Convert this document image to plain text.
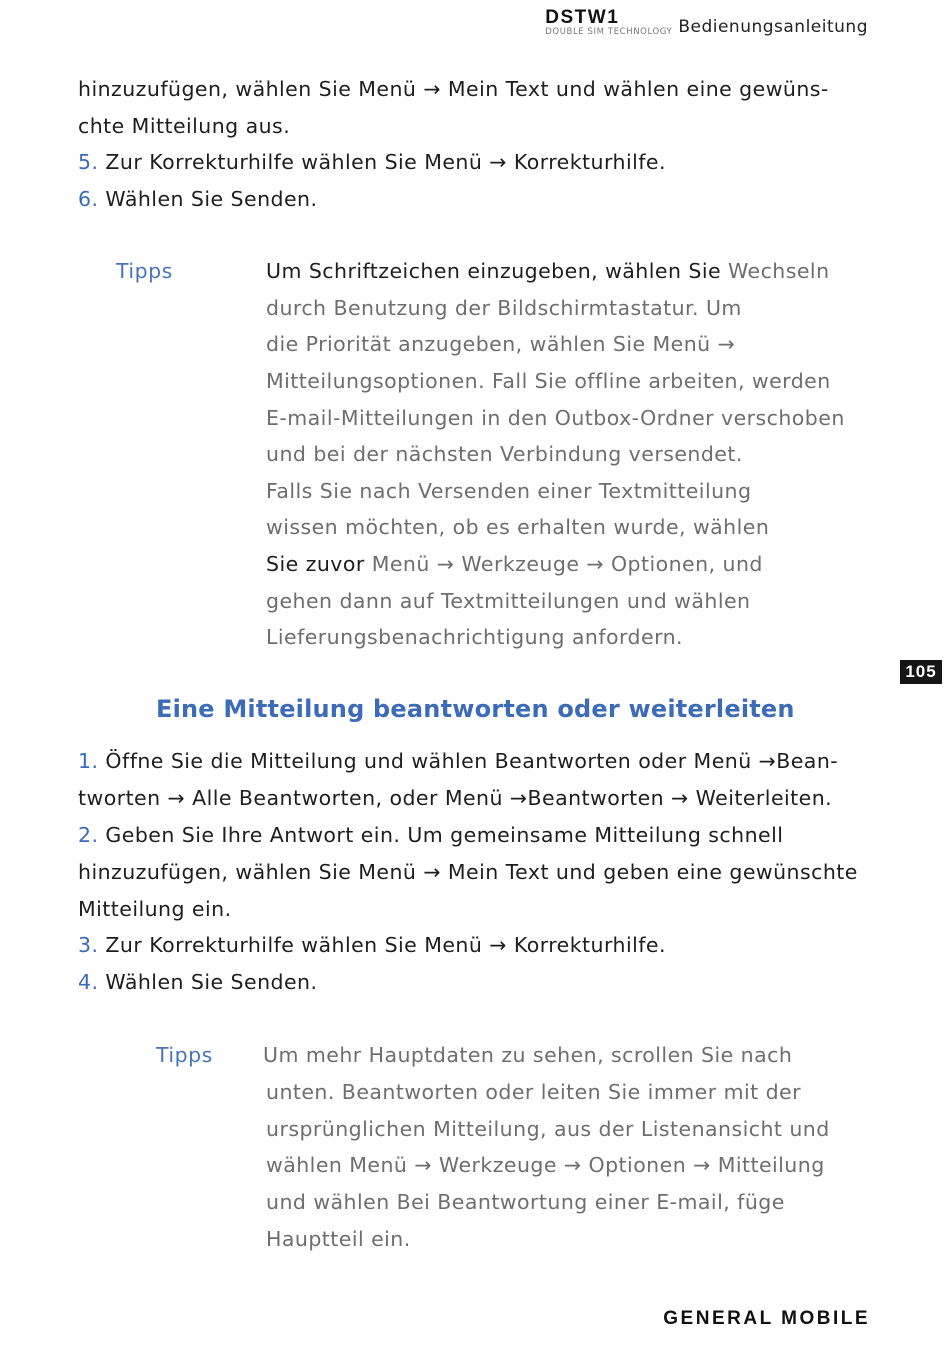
DSTW1
DOUBLE SIM TECHNOLOGY Bedienungsanleitung
hinzuzufügen, wählen Sie Menü → Mein Text und wählen eine gewüns-
chte Mitteilung aus.
5. Zur Korrekturhilfe wählen Sie Menü → Korrekturhilfe.
6. Wählen Sie Senden.
Tipps	Um Schriftzeichen einzugeben, wählen Sie Wechseln
durch Benutzung der Bildschirmtastatur. Um
die Priorität anzugeben, wählen Sie Menü →
Mitteilungsoptionen. Fall Sie offline arbeiten, werden
E-mail-Mitteilungen in den Outbox-Ordner verschoben
und bei der nächsten Verbindung versendet.
Falls Sie nach Versenden einer Textmitteilung
wissen möchten, ob es erhalten wurde, wählen
Sie zuvor Menü → Werkzeuge → Optionen, und
gehen dann auf Textmitteilungen und wählen
Lieferungsbenachrichtigung anfordern.
105
Eine Mitteilung beantworten oder weiterleiten
1. Öffne Sie die Mitteilung und wählen Beantworten oder Menü →Bean-
tworten → Alle Beantworten, oder Menü →Beantworten → Weiterleiten.
2. Geben Sie Ihre Antwort ein. Um gemeinsame Mitteilung schnell
hinzuzufügen, wählen Sie Menü → Mein Text und geben eine gewünschte
Mitteilung ein.
3. Zur Korrekturhilfe wählen Sie Menü → Korrekturhilfe.
4. Wählen Sie Senden.
Tipps Um mehr Hauptdaten zu sehen, scrollen Sie nach
unten. Beantworten oder leiten Sie immer mit der
ursprünglichen Mitteilung, aus der Listenansicht und
wählen Menü → Werkzeuge → Optionen → Mitteilung
und wählen Bei Beantwortung einer E-mail, füge
Hauptteil ein.
GENERAL MOBILE
